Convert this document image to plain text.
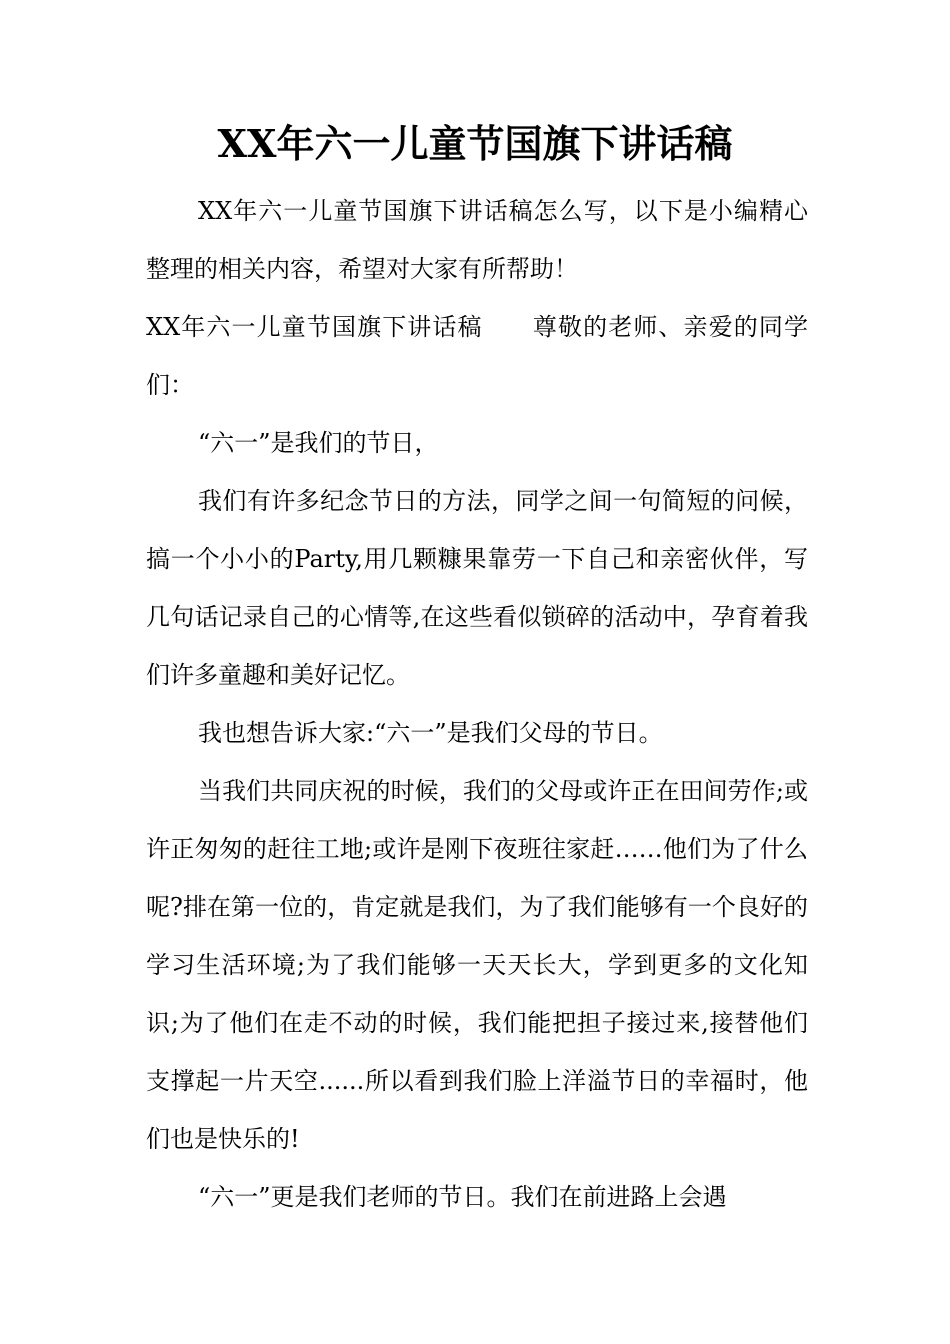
XX年六一儿童节国旗下讲话稿

XX年六一儿童节国旗下讲话稿怎么写，以下是小编精心整理的相关内容，希望对大家有所帮助！

XX年六一儿童节国旗下讲话稿　　尊敬的老师、亲爱的同学们：

“六一”是我们的节日，

我们有许多纪念节日的方法，同学之间一句简短的问候，搞一个小小的Party,用几颗糠果靠劳一下自己和亲密伙伴，写几句话记录自己的心情等,在这些看似锁碎的活动中，孕育着我们许多童趣和美好记忆。

我也想告诉大家:“六一”是我们父母的节日。

当我们共同庆祝的时候，我们的父母或许正在田间劳作;或许正匆匆的赶往工地;或许是刚下夜班往家赶……他们为了什么呢?排在第一位的，肯定就是我们，为了我们能够有一个良好的学习生活环境;为了我们能够一天天长大，学到更多的文化知识;为了他们在走不动的时候，我们能把担子接过来,接替他们支撑起一片天空......所以看到我们脸上洋溢节日的幸福时，他们也是快乐的!

“六一”更是我们老师的节日。我们在前进路上会遇
